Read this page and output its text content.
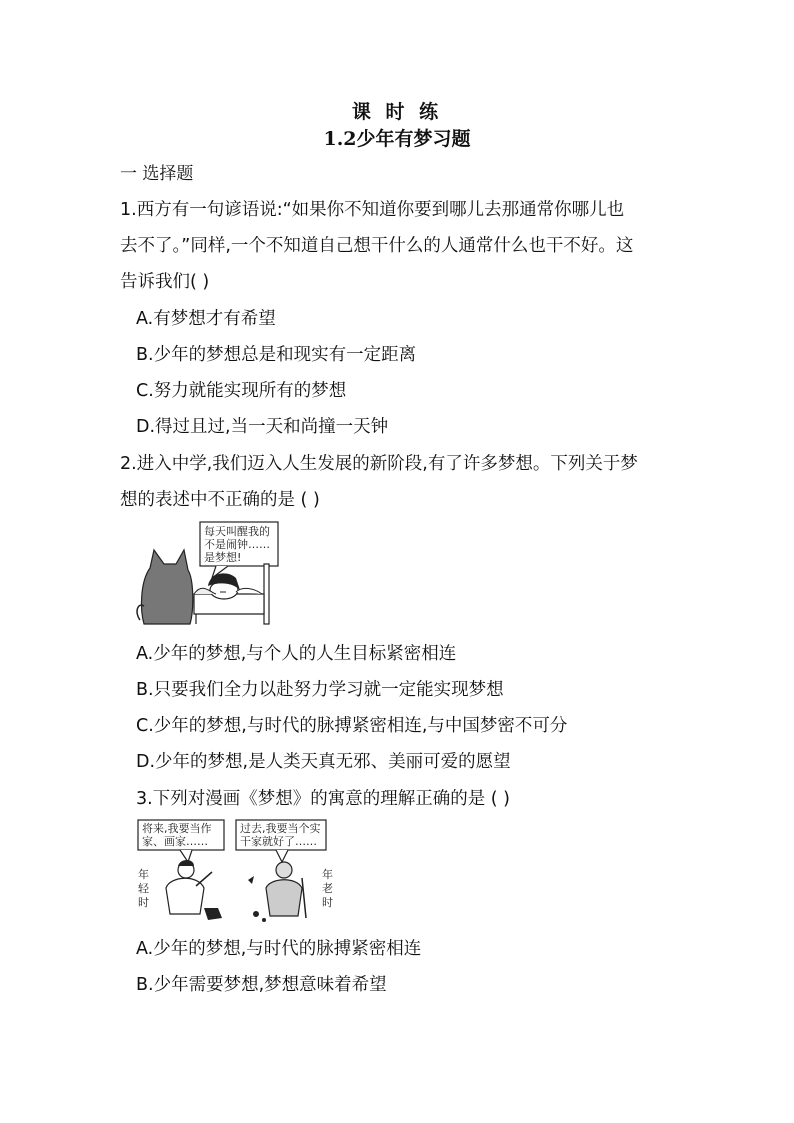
课 时 练
1.2少年有梦习题
一 选择题
1.西方有一句谚语说:“如果你不知道你要到哪儿去那通常你哪儿也
去不了。”同样,一个不知道自己想干什么的人通常什么也干不好。这
告诉我们( )
A.有梦想才有希望
B.少年的梦想总是和现实有一定距离
C.努力就能实现所有的梦想
D.得过且过,当一天和尚撞一天钟
2.进入中学,我们迈入人生发展的新阶段,有了许多梦想。下列关于梦
想的表述中不正确的是 ( )
每天叫醒我的
不是闹钟……
是梦想!
A.少年的梦想,与个人的人生目标紧密相连
B.只要我们全力以赴努力学习就一定能实现梦想
C.少年的梦想,与时代的脉搏紧密相连,与中国梦密不可分
D.少年的梦想,是人类天真无邪、美丽可爱的愿望
3.下列对漫画《梦想》的寓意的理解正确的是 ( )
将来,我要当作
家、画家……
过去,我要当个实
干家就好了……
年
轻
时
年
老
时
A.少年的梦想,与时代的脉搏紧密相连
B.少年需要梦想,梦想意味着希望
